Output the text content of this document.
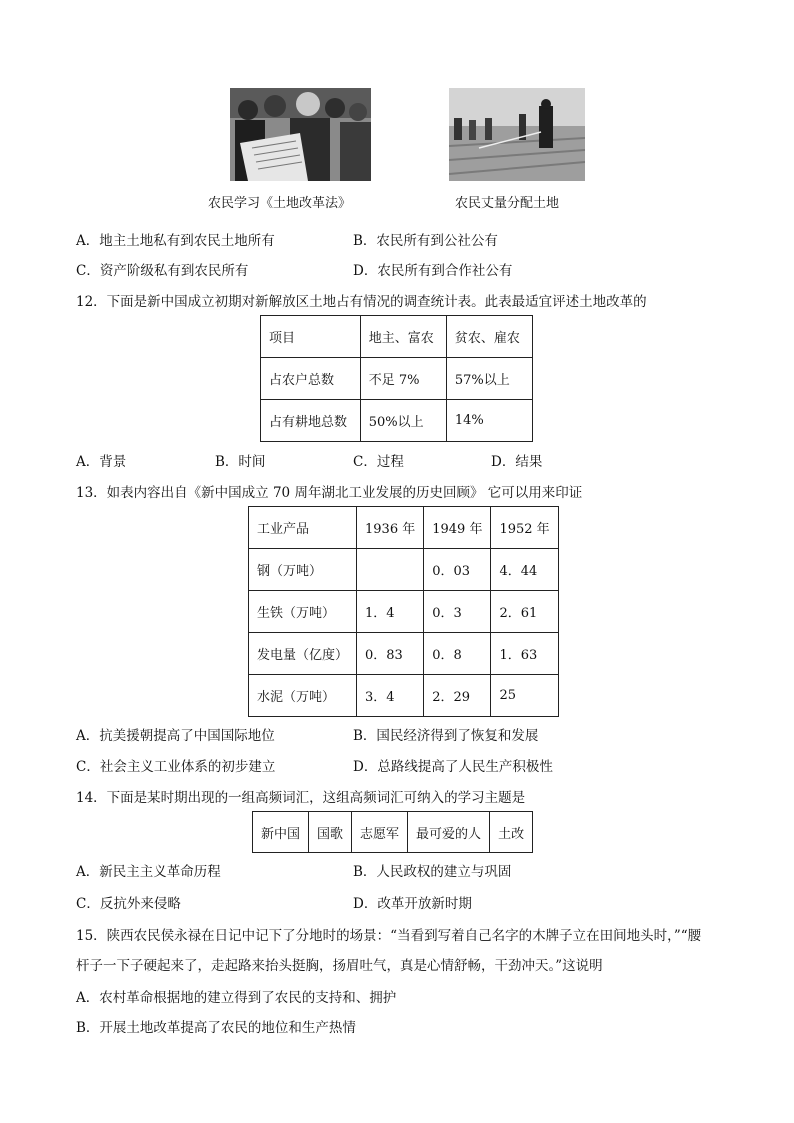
农民学习《土地改革法》	农民丈量分配土地
A．地主土地私有到农民土地所有	B．农民所有到公社公有
C．资产阶级私有到农民所有	D．农民所有到合作社公有
12．下面是新中国成立初期对新解放区土地占有情况的调查统计表。此表最适宜评述土地改革的
项目	地主、富农	贫农、雇农
占农户总数	不足 7%	57%以上
占有耕地总数	50%以上	14%
A．背景	B．时间	C．过程	D．结果
13．如表内容出自《新中国成立 70 周年湖北工业发展的历史回顾》 它可以用来印证
工业产品	1936 年	1949 年	1952 年
钢（万吨）		0．03	4．44
生铁（万吨）	1．4	0．3	2．61
发电量（亿度）	0．83	0．8	1．63
水泥（万吨）	3．4	2．29	25
A．抗美援朝提高了中国国际地位	B．国民经济得到了恢复和发展
C．社会主义工业体系的初步建立	D．总路线提高了人民生产积极性
14．下面是某时期出现的一组高频词汇，这组高频词汇可纳入的学习主题是
新中国	国歌	志愿军	最可爱的人	土改
A．新民主主义革命历程	B．人民政权的建立与巩固
C．反抗外来侵略	D．改革开放新时期
15．陕西农民侯永禄在日记中记下了分地时的场景：“当看到写着自己名字的木牌子立在田间地头时，”“腰
杆子一下子硬起来了，走起路来抬头挺胸，扬眉吐气，真是心情舒畅，干劲冲天。”这说明
A．农村革命根据地的建立得到了农民的支持和、拥护
B．开展土地改革提高了农民的地位和生产热情
